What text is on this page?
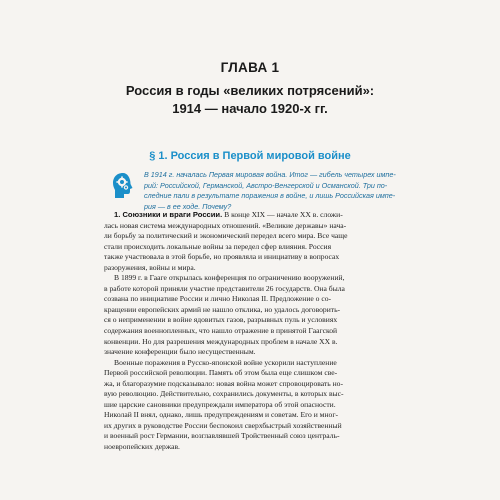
ГЛАВА 1
Россия в годы «великих потрясений»:
1914 — начало 1920-х гг.
§ 1. Россия в Первой мировой войне
В 1914 г. началась Первая мировая война. Итог — гибель четырех импе-
рий: Российской, Германской, Австро-Венгерской и Османской. Три по-
следние пали в результате поражения в войне, и лишь Российская импе-
рия — в ее ходе. Почему?
1. Союзники и враги России. В конце XIX — начале XX в. сложи-
лась новая система международных отношений. «Великие державы» нача-
ли борьбу за политический и экономический передел всего мира. Все чаще
стали происходить локальные войны за передел сфер влияния. Россия
также участвовала в этой борьбе, но проявляла и инициативу в вопросах
разоружения, войны и мира.
В 1899 г. в Гааге открылась конференция по ограничению вооружений,
в работе которой приняли участие представители 26 государств. Она была
созвана по инициативе России и лично Николая II. Предложение о со-
кращении европейских армий не нашло отклика, но удалось договорить-
ся о неприменении в войне ядовитых газов, разрывных пуль и условиях
содержания военнопленных, что нашло отражение в принятой Гаагской
конвенции. Но для разрешения международных проблем в начале XX в.
значение конференции было несущественным.
Военные поражения в Русско-японской войне ускорили наступление
Первой российской революции. Память об этом была еще слишком све-
жа, и благоразумие подсказывало: новая война может спровоцировать но-
вую революцию. Действительно, сохранились документы, в которых выс-
шие царские сановники предупреждали императора об этой опасности.
Николай II внял, однако, лишь предупреждениям и советам. Его и мног-
их других в руководстве России беспокоил сверхбыстрый хозяйственный
и военный рост Германии, возглавлявшей Тройственный союз централь-
ноевропейских держав.
